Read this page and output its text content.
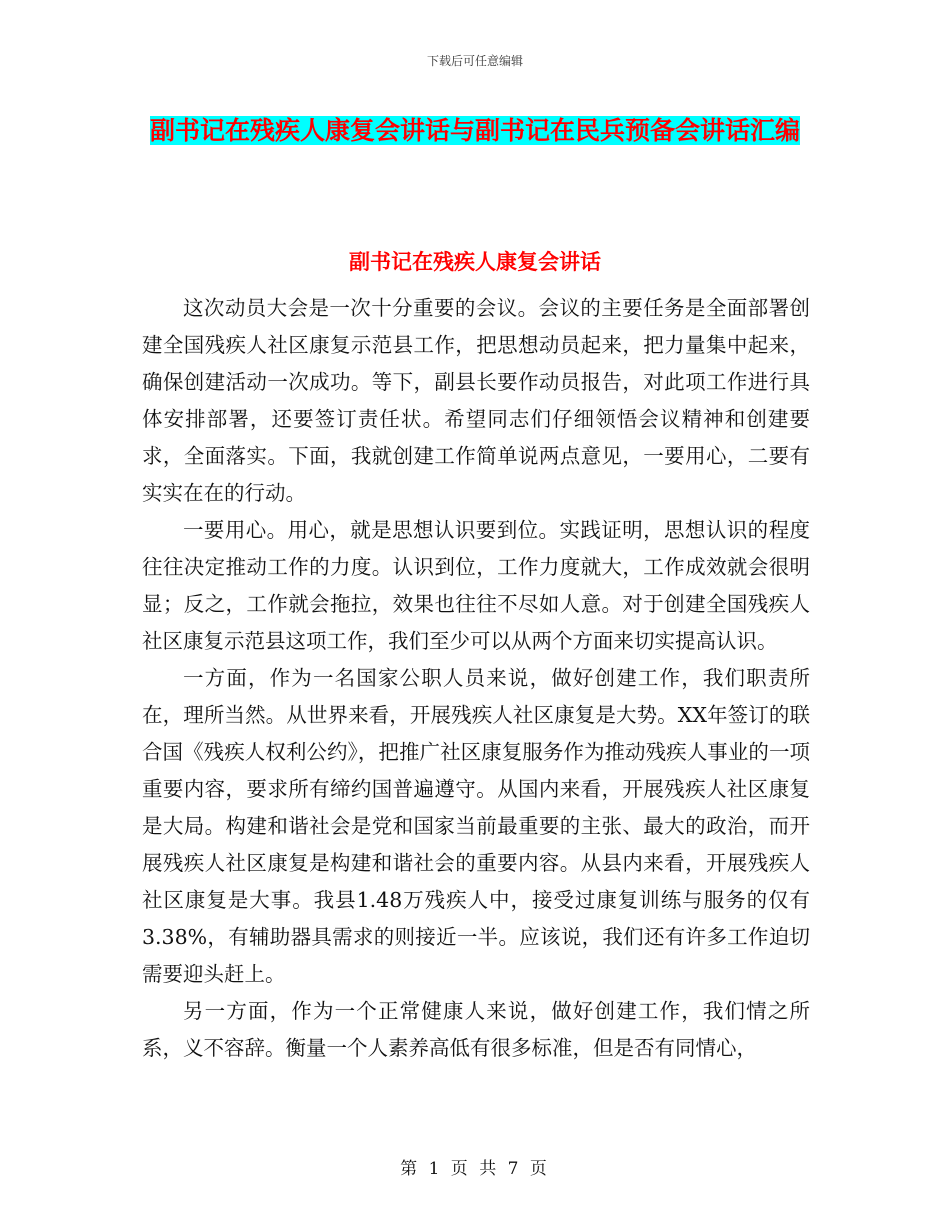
下载后可任意编辑
副书记在残疾人康复会讲话与副书记在民兵预备会讲话汇编
副书记在残疾人康复会讲话

这次动员大会是一次十分重要的会议。会议的主要任务是全面部署创建全国残疾人社区康复示范县工作，把思想动员起来，把力量集中起来，确保创建活动一次成功。等下，副县长要作动员报告，对此项工作进行具体安排部署，还要签订责任状。希望同志们仔细领悟会议精神和创建要求，全面落实。下面，我就创建工作简单说两点意见，一要用心，二要有实实在在的行动。

一要用心。用心，就是思想认识要到位。实践证明，思想认识的程度往往决定推动工作的力度。认识到位，工作力度就大，工作成效就会很明显；反之，工作就会拖拉，效果也往往不尽如人意。对于创建全国残疾人社区康复示范县这项工作，我们至少可以从两个方面来切实提高认识。

一方面，作为一名国家公职人员来说，做好创建工作，我们职责所在，理所当然。从世界来看，开展残疾人社区康复是大势。XX年签订的联合国《残疾人权利公约》，把推广社区康复服务作为推动残疾人事业的一项重要内容，要求所有缔约国普遍遵守。从国内来看，开展残疾人社区康复是大局。构建和谐社会是党和国家当前最重要的主张、最大的政治，而开展残疾人社区康复是构建和谐社会的重要内容。从县内来看，开展残疾人社区康复是大事。我县1.48万残疾人中，接受过康复训练与服务的仅有3.38%，有辅助器具需求的则接近一半。应该说，我们还有许多工作迫切需要迎头赶上。

另一方面，作为一个正常健康人来说，做好创建工作，我们情之所系，义不容辞。衡量一个人素养高低有很多标准，但是否有同情心，

第 1 页 共 7 页
